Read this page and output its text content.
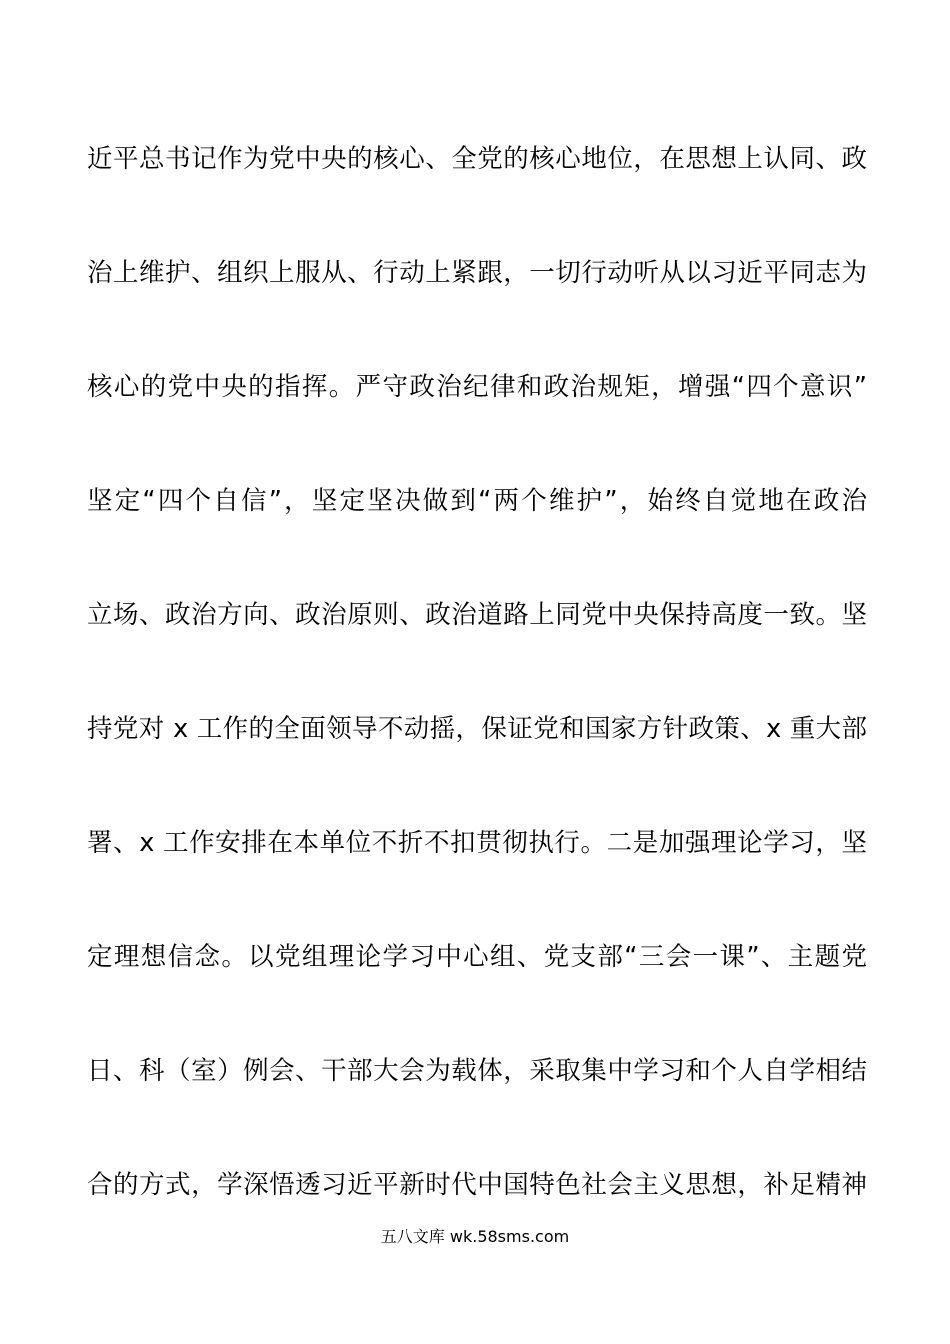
近平总书记作为党中央的核心、全党的核心地位，在思想上认同、政
治上维护、组织上服从、行动上紧跟，一切行动听从以习近平同志为
核心的党中央的指挥。严守政治纪律和政治规矩，增强“四个意识”
坚定“四个自信”，坚定坚决做到“两个维护”，始终自觉地在政治
立场、政治方向、政治原则、政治道路上同党中央保持高度一致。坚
持党对 x 工作的全面领导不动摇，保证党和国家方针政策、x 重大部
署、x 工作安排在本单位不折不扣贯彻执行。二是加强理论学习，坚
定理想信念。以党组理论学习中心组、党支部“三会一课”、主题党
日、科（室）例会、干部大会为载体，采取集中学习和个人自学相结
合的方式，学深悟透习近平新时代中国特色社会主义思想，补足精神
五八文库 wk.58sms.com
